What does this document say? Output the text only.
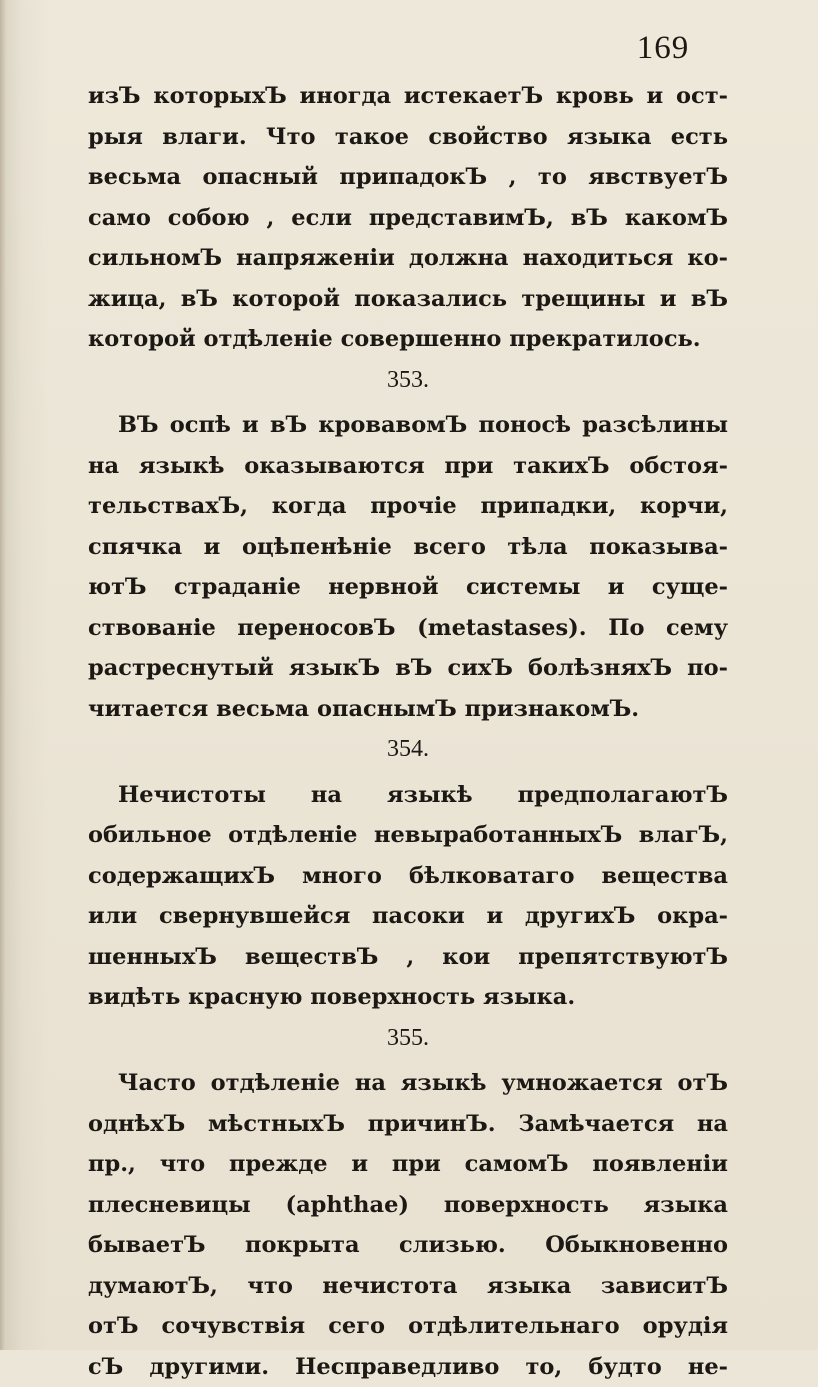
169
изЪ которыхЪ иногда истекаетЪ кровь и ост-
рыя влаги. Что такое свойство языка есть
весьма опасный припадокЪ , то явствуетЪ
само собою , если представимЪ, вЪ какомЪ
сильномЪ напряженіи должна находиться ко-
жица, вЪ которой показались трещины и вЪ
которой отдѣленіе совершенно прекратилось.
353.
ВЪ оспѣ и вЪ кровавомЪ поносѣ разсѣлины
на языкѣ оказываются при такихЪ обстоя-
тельствахЪ, когда прочіе припадки, корчи,
спячка и оцѣпенѣніе всего тѣла показыва-
ютЪ страданіе нервной системы и суще-
ствованіе переносовЪ (metastases). По сему
растреснутый языкЪ вЪ сихЪ болѣзняхЪ по-
читается весьма опаснымЪ признакомЪ.
354.
Нечистоты на языкѣ предполагаютЪ
обильное отдѣленіе невыработанныхЪ влагЪ,
содержащихЪ много бѣлковатаго вещества
или свернувшейся пасоки и другихЪ окра-
шенныхЪ веществЪ , кои препятствуютЪ
видѣть красную поверхность языка.
355.
Часто отдѣленіе на языкѣ умножается отЪ
однѣхЪ мѣстныхЪ причинЪ. Замѣчается на
пр., что прежде и при самомЪ появленіи
плесневицы (aphthae) поверхность языка
бываетЪ покрыта слизью. Обыкновенно
думаютЪ, что нечистота языка зависитЪ
отЪ сочувствія сего отдѣлительнаго орудія
сЪ другими. Несправедливо то, будто не-
